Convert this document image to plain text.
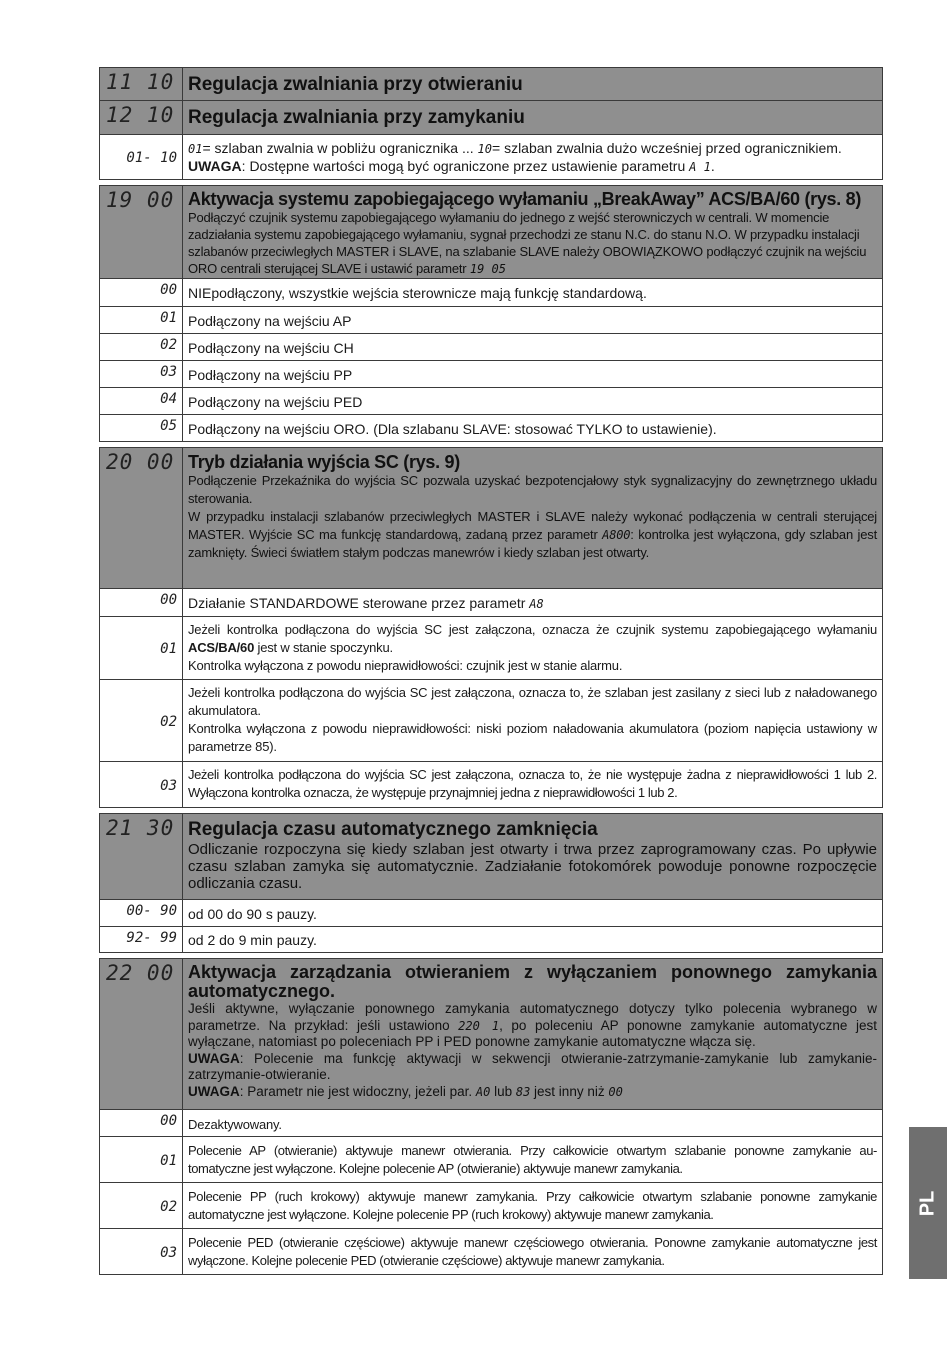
11 10 Regulacja zwalniania przy otwieraniu
12 10 Regulacja zwalniania przy zamykaniu
01- 10
01= szlaban zwalnia w pobliżu ogranicznika ... 10= szlaban zwalnia dużo wcześniej przed ogranicznikiem.
UWAGA: Dostępne wartości mogą być ograniczone przez ustawienie parametru A 1.
19 00 Aktywacja systemu zapobiegającego wyłamaniu „BreakAway” ACS/BA/60 (rys. 8)
Podłączyć czujnik systemu zapobiegającego wyłamaniu do jednego z wejść sterowniczych w centrali. W momencie zadziałania systemu zapobiegającego wyłamaniu, sygnał przechodzi ze stanu N.C. do stanu N.O. W przypadku instalacji szlabanów przeciwległych MASTER i SLAVE, na szlabanie SLAVE należy OBOWIĄZKOWO podłączyć czujnik na wejściu ORO centrali sterującej SLAVE i ustawić parametr 19 05
00 NIEpodłączony, wszystkie wejścia sterownicze mają funkcję standardową.
01 Podłączony na wejściu AP
02 Podłączony na wejściu CH
03 Podłączony na wejściu PP
04 Podłączony na wejściu PED
05 Podłączony na wejściu ORO. (Dla szlabanu SLAVE: stosować TYLKO to ustawienie).
20 00 Tryb działania wyjścia SC (rys. 9)
Podłączenie Przekaźnika do wyjścia SC pozwala uzyskać bezpotencjałowy styk sygnalizacyjny do zewnętrznego układu sterowania.
W przypadku instalacji szlabanów przeciwległych MASTER i SLAVE należy wykonać podłączenia w centrali sterującej MASTER. Wyjście SC ma funkcję standardową, zadaną przez parametr A800: kontrolka jest wyłączona, gdy szlaban jest zamknięty. Świeci światłem stałym podczas manewrów i kiedy szlaban jest otwarty.
00 Działanie STANDARDOWE sterowane przez parametr A8
01
Jeżeli kontrolka podłączona do wyjścia SC jest załączona, oznacza że czujnik systemu zapobiegającego wyłamaniu ACS/BA/60 jest w stanie spoczynku.
Kontrolka wyłączona z powodu nieprawidłowości: czujnik jest w stanie alarmu.
02
Jeżeli kontrolka podłączona do wyjścia SC jest załączona, oznacza to, że szlaban jest zasilany z sieci lub z naładowanego akumulatora.
Kontrolka wyłączona z powodu nieprawidłowości: niski poziom naładowania akumulatora (poziom napięcia ustawiony w parametrze 85).
03
Jeżeli kontrolka podłączona do wyjścia SC jest załączona, oznacza to, że nie występuje żadna z nieprawidłowości 1 lub 2. Wyłączona kontrolka oznacza, że występuje przynajmniej jedna z nieprawidłowości 1 lub 2.
21 30 Regulacja czasu automatycznego zamknięcia
Odliczanie rozpoczyna się kiedy szlaban jest otwarty i trwa przez zaprogramowany czas. Po upływie czasu szlaban zamyka się automatycznie. Zadziałanie fotokomórek powoduje ponowne rozpoczęcie odliczania czasu.
00- 90 od 00 do 90 s pauzy.
92- 99 od 2 do 9 min pauzy.
22 00 Aktywacja zarządzania otwieraniem z wyłączaniem ponownego zamykania automatycznego.
Jeśli aktywne, wyłączanie ponownego zamykania automatycznego dotyczy tylko polecenia wybranego w parametrze. Na przykład: jeśli ustawiono 220 1, po poleceniu AP ponowne zamykanie automatyczne jest wyłączane, natomiast po poleceniach PP i PED ponowne zamykanie automatyczne włącza się.
UWAGA: Polecenie ma funkcję aktywacji w sekwencji otwieranie-zatrzymanie-zamykanie lub zamykanie-zatrzymanie-otwieranie.
UWAGA: Parametr nie jest widoczny, jeżeli par. A0 lub 83 jest inny niż 00
00 Dezaktywowany.
01
Polecenie AP (otwieranie) aktywuje manewr otwierania. Przy całkowicie otwartym szlabanie ponowne zamykanie au-tomatyczne jest wyłączone. Kolejne polecenie AP (otwieranie) aktywuje manewr zamykania.
02
Polecenie PP (ruch krokowy) aktywuje manewr zamykania. Przy całkowicie otwartym szlabanie ponowne zamykanie automatyczne jest wyłączone. Kolejne polecenie PP (ruch krokowy) aktywuje manewr zamykania.
03
Polecenie PED (otwieranie częściowe) aktywuje manewr częściowego otwierania. Ponowne zamykanie automatyczne jest wyłączone. Kolejne polecenie PED (otwieranie częściowe) aktywuje manewr zamykania.
PL
